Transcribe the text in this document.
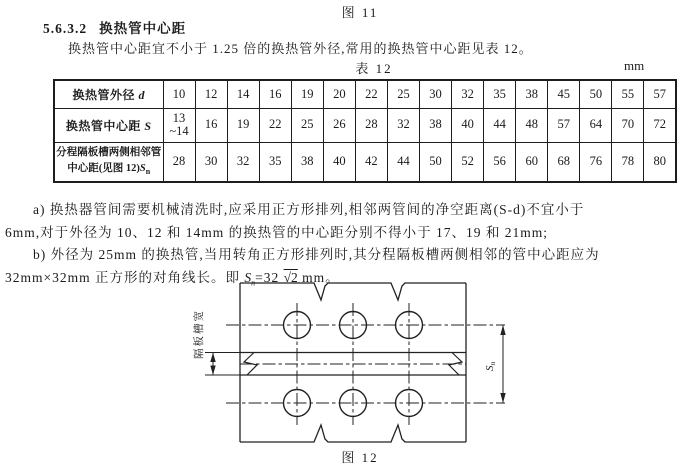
图 11
5.6.3.2 换热管中心距
换热管中心距宜不小于 1.25 倍的换热管外径,常用的换热管中心距见表 12。
表 12	mm
换热管外径 d	10	12	14	16	19	20	22	25	30	32	35	38	45	50	55	57
换热管中心距 S	13
~14	16	19	22	25	26	28	32	38	40	44	48	57	64	70	72
分程隔板槽两侧相邻管中心距(见图 $12)S_n$	28	30	32	35	38	40	42	44	50	52	56	60	68	76	78	80

a) 换热器管间需要机械清洗时,应采用正方形排列,相邻两管间的净空距离(S-d)不宜小于
6mm,对于外径为 10、12 和 14mm 的换热管的中心距分别不得小于 17、19 和 21mm;

b) 外径为 25mm 的换热管,当用转角正方形排列时,其分程隔板槽两侧相邻的管中心距应为
32mm×32mm 正方形的对角线长。即 $S_n=32$ √2 mm。

隔板槽宽
Sn
图 12
